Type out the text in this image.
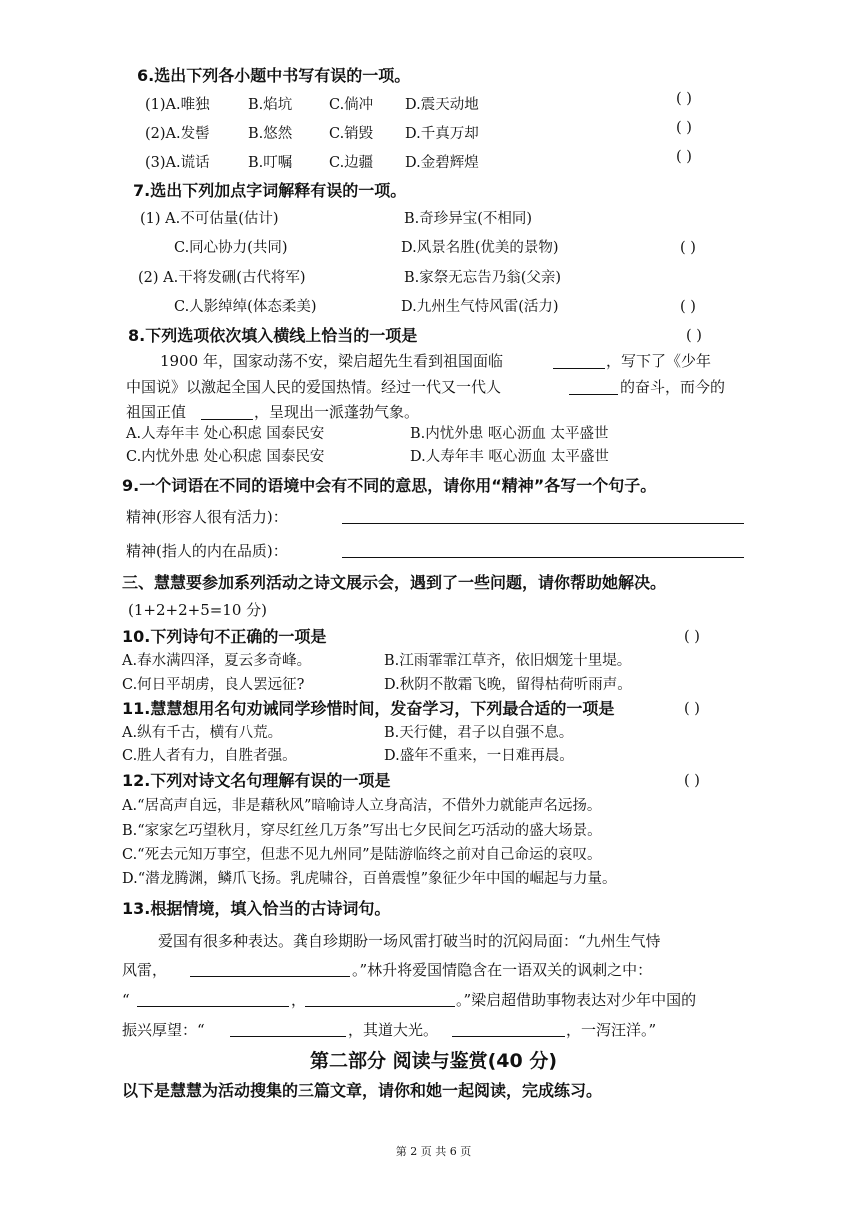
6.选出下列各小题中书写有误的一项。
(1)A.唯独	B.焰坑	C.倘冲 D.震天动地	( )
(2)A.发髻	B.悠然	C.销毁 D.千真万却	( )
(3)A.谎话	B.叮嘱	C.边疆 D.金碧辉煌	( )
7.选出下列加点字词解释有误的一项。
(1) A.不可估量(估计)	B.奇珍异宝(不相同)
C.同心协力(共同)	D.风景名胜(优美的景物)	( )
(2) A.干将发硎(古代将军)	B.家祭无忘告乃翁(父亲)
C.人影绰绰(体态柔美)	D.九州生气恃风雷(活力)	( )
8.下列选项依次填入横线上恰当的一项是	( )
1900 年，国家动荡不安，梁启超先生看到祖国面临	，写下了《少年
中国说》以激起全国人民的爱国热情。经过一代又一代人	的奋斗，而今的
祖国正值	，呈现出一派蓬勃气象。
A.人寿年丰 处心积虑 国泰民安	B.内忧外患 呕心沥血 太平盛世
C.内忧外患 处心积虑 国泰民安	D.人寿年丰 呕心沥血 太平盛世
9.一个词语在不同的语境中会有不同的意思，请你用“精神”各写一个句子。
精神(形容人很有活力)：
精神(指人的内在品质)：
三、慧慧要参加系列活动之诗文展示会，遇到了一些问题，请你帮助她解决。
(1+2+2+5=10 分)
10.下列诗句不正确的一项是	( )
A.春水满四泽，夏云多奇峰。	B.江雨霏霏江草齐，依旧烟笼十里堤。
C.何日平胡虏，良人罢远征?	D.秋阴不散霜飞晚，留得枯荷听雨声。
11.慧慧想用名句劝诫同学珍惜时间，发奋学习，下列最合适的一项是	( )
A.纵有千古，横有八荒。	B.天行健，君子以自强不息。
C.胜人者有力，自胜者强。	D.盛年不重来，一日难再晨。
12.下列对诗文名句理解有误的一项是	( )
A.“居高声自远，非是藉秋风”暗喻诗人立身高洁，不借外力就能声名远扬。
B.“家家乞巧望秋月，穿尽红丝几万条”写出七夕民间乞巧活动的盛大场景。
C.“死去元知万事空，但悲不见九州同”是陆游临终之前对自己命运的哀叹。
D.“潜龙腾渊，鳞爪飞扬。乳虎啸谷，百兽震惶”象征少年中国的崛起与力量。
13.根据情境，填入恰当的古诗词句。
爱国有很多种表达。龚自珍期盼一场风雷打破当时的沉闷局面：“九州生气恃
风雷，	。”林升将爱国情隐含在一语双关的讽刺之中：
“	，	。”梁启超借助事物表达对少年中国的
振兴厚望：“	，其道大光。	，一泻汪洋。”
第二部分 阅读与鉴赏(40 分)
以下是慧慧为活动搜集的三篇文章，请你和她一起阅读，完成练习。
第 2 页 共 6 页
